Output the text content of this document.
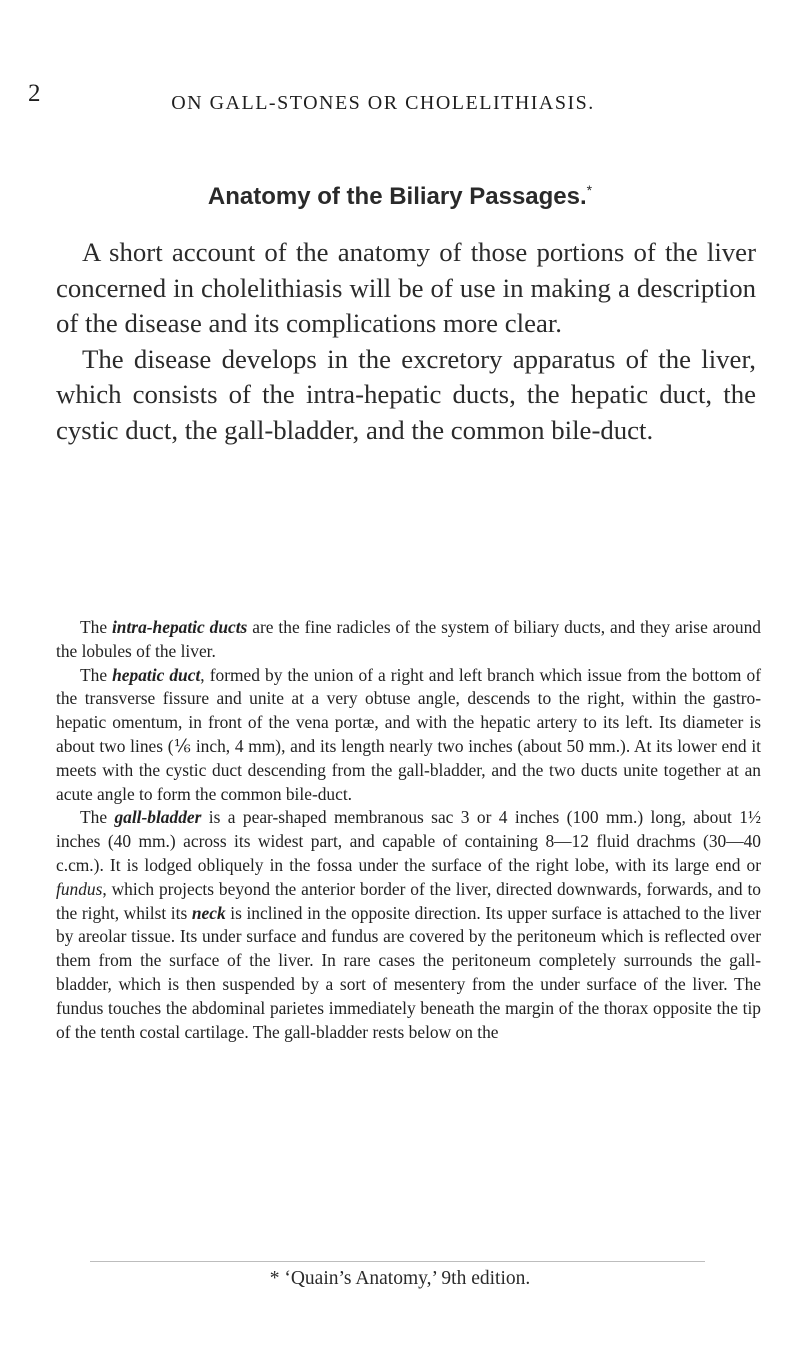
2	ON GALL-STONES OR CHOLELITHIASIS.
Anatomy of the Biliary Passages.*

A short account of the anatomy of those portions of the liver concerned in cholelithiasis will be of use in making a description of the disease and its complications more clear.

The disease develops in the excretory apparatus of the liver, which consists of the intra-hepatic ducts, the hepatic duct, the cystic duct, the gall-bladder, and the common bile-duct.

The intra-hepatic ducts are the fine radicles of the system of biliary ducts, and they arise around the lobules of the liver.

The hepatic duct, formed by the union of a right and left branch which issue from the bottom of the transverse fissure and unite at a very obtuse angle, descends to the right, within the gastro-hepatic omentum, in front of the vena portæ, and with the hepatic artery to its left. Its diameter is about two lines (⅙ inch, 4 mm), and its length nearly two inches (about 50 mm.). At its lower end it meets with the cystic duct descending from the gall-bladder, and the two ducts unite together at an acute angle to form the common bile-duct.

The gall-bladder is a pear-shaped membranous sac 3 or 4 inches (100 mm.) long, about 1½ inches (40 mm.) across its widest part, and capable of containing 8—12 fluid drachms (30—40 c.cm.). It is lodged obliquely in the fossa under the surface of the right lobe, with its large end or fundus, which projects beyond the anterior border of the liver, directed downwards, forwards, and to the right, whilst its neck is inclined in the opposite direction. Its upper surface is attached to the liver by areolar tissue. Its under surface and fundus are covered by the peritoneum which is reflected over them from the surface of the liver. In rare cases the peritoneum completely surrounds the gall-bladder, which is then suspended by a sort of mesentery from the under surface of the liver. The fundus touches the abdominal parietes immediately beneath the margin of the thorax opposite the tip of the tenth costal cartilage. The gall-bladder rests below on the

* ‘Quain’s Anatomy,’ 9th edition.
